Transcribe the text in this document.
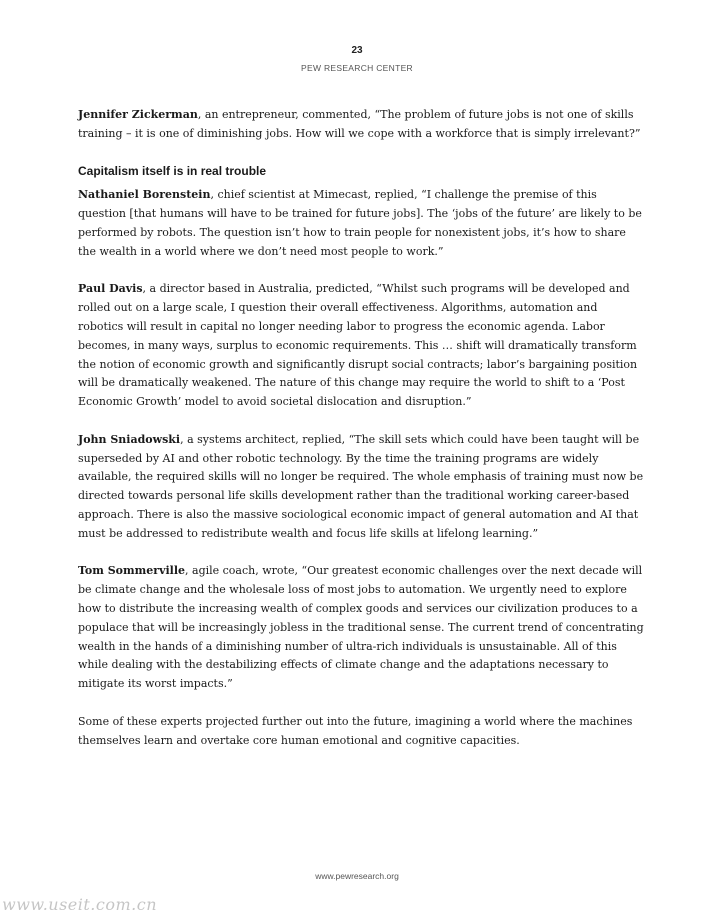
23
PEW RESEARCH CENTER

Jennifer Zickerman, an entrepreneur, commented, “The problem of future jobs is not one of skills training – it is one of diminishing jobs. How will we cope with a workforce that is simply irrelevant?”

Capitalism itself is in real trouble

Nathaniel Borenstein, chief scientist at Mimecast, replied, “I challenge the premise of this question [that humans will have to be trained for future jobs]. The ‘jobs of the future’ are likely to be performed by robots. The question isn’t how to train people for nonexistent jobs, it’s how to share the wealth in a world where we don’t need most people to work.”

Paul Davis, a director based in Australia, predicted, “Whilst such programs will be developed and rolled out on a large scale, I question their overall effectiveness. Algorithms, automation and robotics will result in capital no longer needing labor to progress the economic agenda. Labor becomes, in many ways, surplus to economic requirements. This … shift will dramatically transform the notion of economic growth and significantly disrupt social contracts; labor’s bargaining position will be dramatically weakened. The nature of this change may require the world to shift to a ‘Post Economic Growth’ model to avoid societal dislocation and disruption.”

John Sniadowski, a systems architect, replied, “The skill sets which could have been taught will be superseded by AI and other robotic technology. By the time the training programs are widely available, the required skills will no longer be required. The whole emphasis of training must now be directed towards personal life skills development rather than the traditional working career-based approach. There is also the massive sociological economic impact of general automation and AI that must be addressed to redistribute wealth and focus life skills at lifelong learning.”

Tom Sommerville, agile coach, wrote, “Our greatest economic challenges over the next decade will be climate change and the wholesale loss of most jobs to automation. We urgently need to explore how to distribute the increasing wealth of complex goods and services our civilization produces to a populace that will be increasingly jobless in the traditional sense. The current trend of concentrating wealth in the hands of a diminishing number of ultra-rich individuals is unsustainable. All of this while dealing with the destabilizing effects of climate change and the adaptations necessary to mitigate its worst impacts.”

Some of these experts projected further out into the future, imagining a world where the machines themselves learn and overtake core human emotional and cognitive capacities.

www.pewresearch.org
www.useit.com.cn
